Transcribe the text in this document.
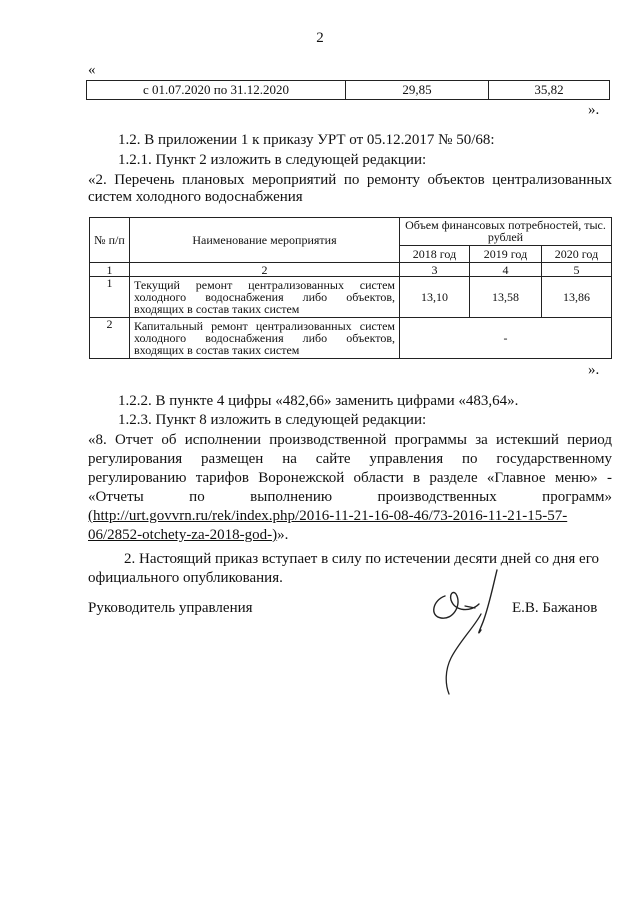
2
«
с 01.07.2020 по 31.12.2020	29,85	35,82
».
1.2. В приложении 1 к приказу УРТ от 05.12.2017 № 50/68:
1.2.1. Пункт 2 изложить в следующей редакции:
«2. Перечень плановых мероприятий по ремонту объектов централизованных
систем холодного водоснабжения
№ п/п	Наименование мероприятия	Объем финансовых потребностей, тыс. рублей		
		2018 год	2019 год	2020 год
1	2	3	4	5
1	Текущий ремонт централизованных систем холодного водоснабжения либо объектов, входящих в состав таких систем	13,10	13,58	13,86
2	Капитальный ремонт централизованных систем холодного водоснабжения либо объектов, входящих в состав таких систем	-		
».
1.2.2. В пункте 4 цифры «482,66» заменить цифрами «483,64».
1.2.3. Пункт 8 изложить в следующей редакции:
«8. Отчет об исполнении производственной программы за истекший период
регулирования размещен на сайте управления по государственному
регулированию тарифов Воронежской области в разделе «Главное меню» -
«Отчеты по выполнению производственных программ»
(http://urt.govvrn.ru/rek/index.php/2016-11-21-16-08-46/73-2016-11-21-15-57-
06/2852-otchety-za-2018-god-)».
2. Настоящий приказ вступает в силу по истечении десяти дней со дня его
официального опубликования.
Руководитель управления	Е.В. Бажанов
